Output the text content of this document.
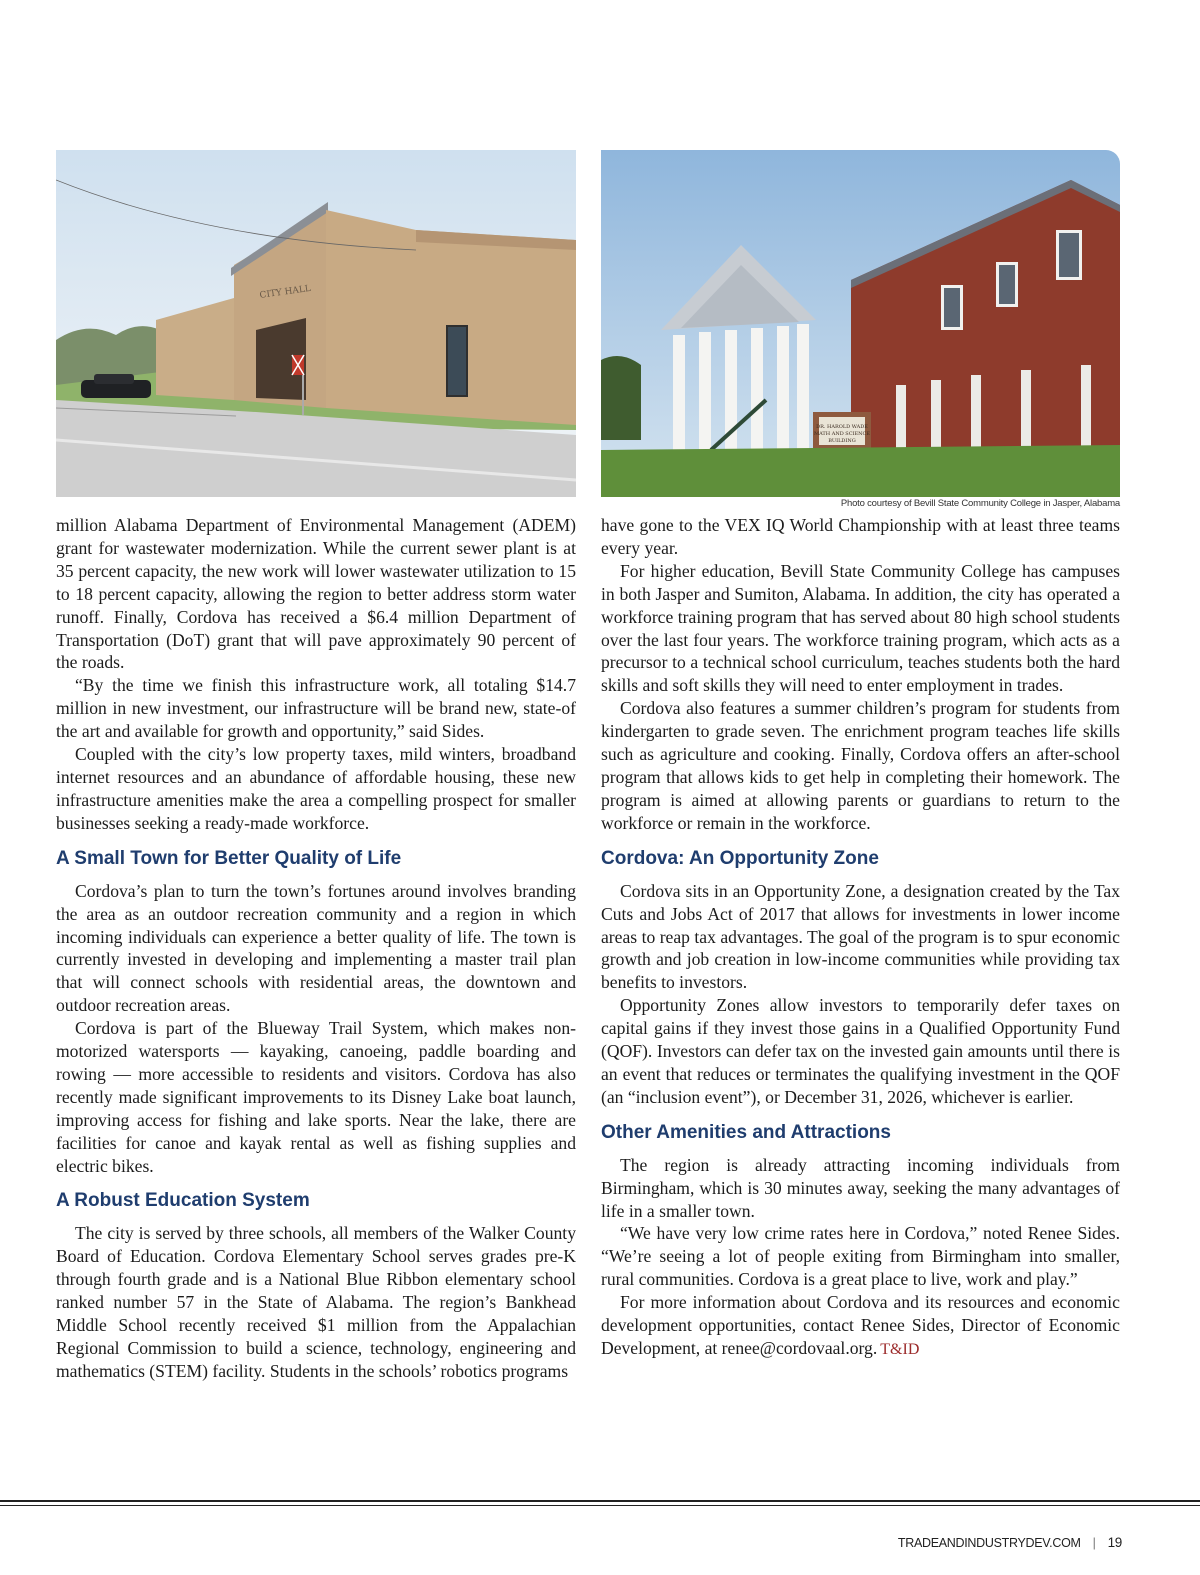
CITY HALL
DR. HAROLD WADE
MATH AND SCIENCE
BUILDING
Photo courtesy of Bevill State Community College in Jasper, Alabama

million Alabama Department of Environmental Management (ADEM) grant for wastewater modernization. While the current sewer plant is at 35 percent capacity, the new work will lower wastewater utilization to 15 to 18 percent capacity, allowing the region to better address storm water runoff. Finally, Cordova has received a $6.4 million Department of Transportation (DoT) grant that will pave approximately 90 percent of the roads.

“By the time we finish this infrastructure work, all totaling $14.7 million in new investment, our infrastructure will be brand new, state-of the art and available for growth and opportunity,” said Sides.

Coupled with the city’s low property taxes, mild winters, broadband internet resources and an abundance of affordable housing, these new infrastructure amenities make the area a compelling prospect for smaller businesses seeking a ready-made workforce.

A Small Town for Better Quality of Life

Cordova’s plan to turn the town’s fortunes around involves branding the area as an outdoor recreation community and a region in which incoming individuals can experience a better quality of life. The town is currently invested in developing and implementing a master trail plan that will connect schools with residential areas, the downtown and outdoor recreation areas.

Cordova is part of the Blueway Trail System, which makes non-motorized watersports — kayaking, canoeing, paddle boarding and rowing — more accessible to residents and visitors. Cordova has also recently made significant improvements to its Disney Lake boat launch, improving access for fishing and lake sports. Near the lake, there are facilities for canoe and kayak rental as well as fishing supplies and electric bikes.

A Robust Education System

The city is served by three schools, all members of the Walker County Board of Education. Cordova Elementary School serves grades pre-K through fourth grade and is a National Blue Ribbon elementary school ranked number 57 in the State of Alabama. The region’s Bankhead Middle School recently received $1 million from the Appalachian Regional Commission to build a science, technology, engineering and mathematics (STEM) facility. Students in the schools’ robotics programs

have gone to the VEX IQ World Championship with at least three teams every year.

For higher education, Bevill State Community College has campuses in both Jasper and Sumiton, Alabama. In addition, the city has operated a workforce training program that has served about 80 high school students over the last four years. The workforce training program, which acts as a precursor to a technical school curriculum, teaches students both the hard skills and soft skills they will need to enter employment in trades.

Cordova also features a summer children’s program for students from kindergarten to grade seven. The enrichment program teaches life skills such as agriculture and cooking. Finally, Cordova offers an after-school program that allows kids to get help in completing their homework. The program is aimed at allowing parents or guardians to return to the workforce or remain in the workforce.

Cordova: An Opportunity Zone

Cordova sits in an Opportunity Zone, a designation created by the Tax Cuts and Jobs Act of 2017 that allows for investments in lower income areas to reap tax advantages. The goal of the program is to spur economic growth and job creation in low-income communities while providing tax benefits to investors.

Opportunity Zones allow investors to temporarily defer taxes on capital gains if they invest those gains in a Qualified Opportunity Fund (QOF). Investors can defer tax on the invested gain amounts until there is an event that reduces or terminates the qualifying investment in the QOF (an “inclusion event”), or December 31, 2026, whichever is earlier.

Other Amenities and Attractions

The region is already attracting incoming individuals from Birmingham, which is 30 minutes away, seeking the many advantages of life in a smaller town.

“We have very low crime rates here in Cordova,” noted Renee Sides. “We’re seeing a lot of people exiting from Birmingham into smaller, rural communities. Cordova is a great place to live, work and play.”

For more information about Cordova and its resources and economic development opportunities, contact Renee Sides, Director of Economic Development, at renee@cordovaal.org. T&ID

TRADEANDINDUSTRYDEV.COM | 19
